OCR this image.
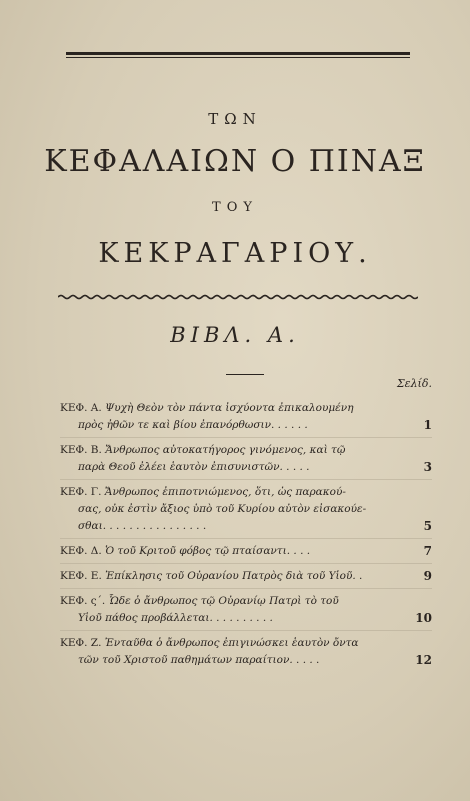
ΤΩΝ
ΚΕΦΑΛΑΙΩΝ Ο ΠΙΝΑΞ
ΤΟΥ
ΚΕΚΡΑΓΑΡΙΟΥ.
ΒΙΒΛ. Α.
Σελίδ.
ΚΕΦ. Α. Ψυχὴ Θεὸν τὸν πάντα ἰσχύοντα ἐπικαλουμένη
πρὸς ἠθῶν τε καὶ βίου ἐπανόρθωσιν. . . . . .	1
ΚΕΦ. Β. Ἄνθρωπος αὐτοκατήγορος γινόμενος, καὶ τῷ
παρὰ Θεοῦ ἐλέει ἑαυτὸν ἐπισυνιστῶν. . . . .	3
ΚΕΦ. Γ. Ἄνθρωπος ἐπιποτνιώμενος, ὅτι, ὡς παρακού-
σας, οὐκ ἐστὶν ἄξιος ὑπὸ τοῦ Κυρίου αὐτὸν εἰσακούε-
σθαι. . . . . . . . . . . . . . . .	5
ΚΕΦ. Δ. Ὁ τοῦ Κριτοῦ φόβος τῷ πταίσαντι. . . .	7
ΚΕΦ. Ε. Ἐπίκλησις τοῦ Οὐρανίου Πατρὸς διὰ τοῦ Υἱοῦ. .	9
ΚΕΦ. ς΄. Ὧδε ὁ ἄνθρωπος τῷ Οὐρανίῳ Πατρὶ τὸ τοῦ
Υἱοῦ πάθος προβάλλεται. . . . . . . . . .	10
ΚΕΦ. Ζ. Ἐνταῦθα ὁ ἄνθρωπος ἐπιγινώσκει ἑαυτὸν ὄντα
τῶν τοῦ Χριστοῦ παθημάτων παραίτιον. . . . .	12
